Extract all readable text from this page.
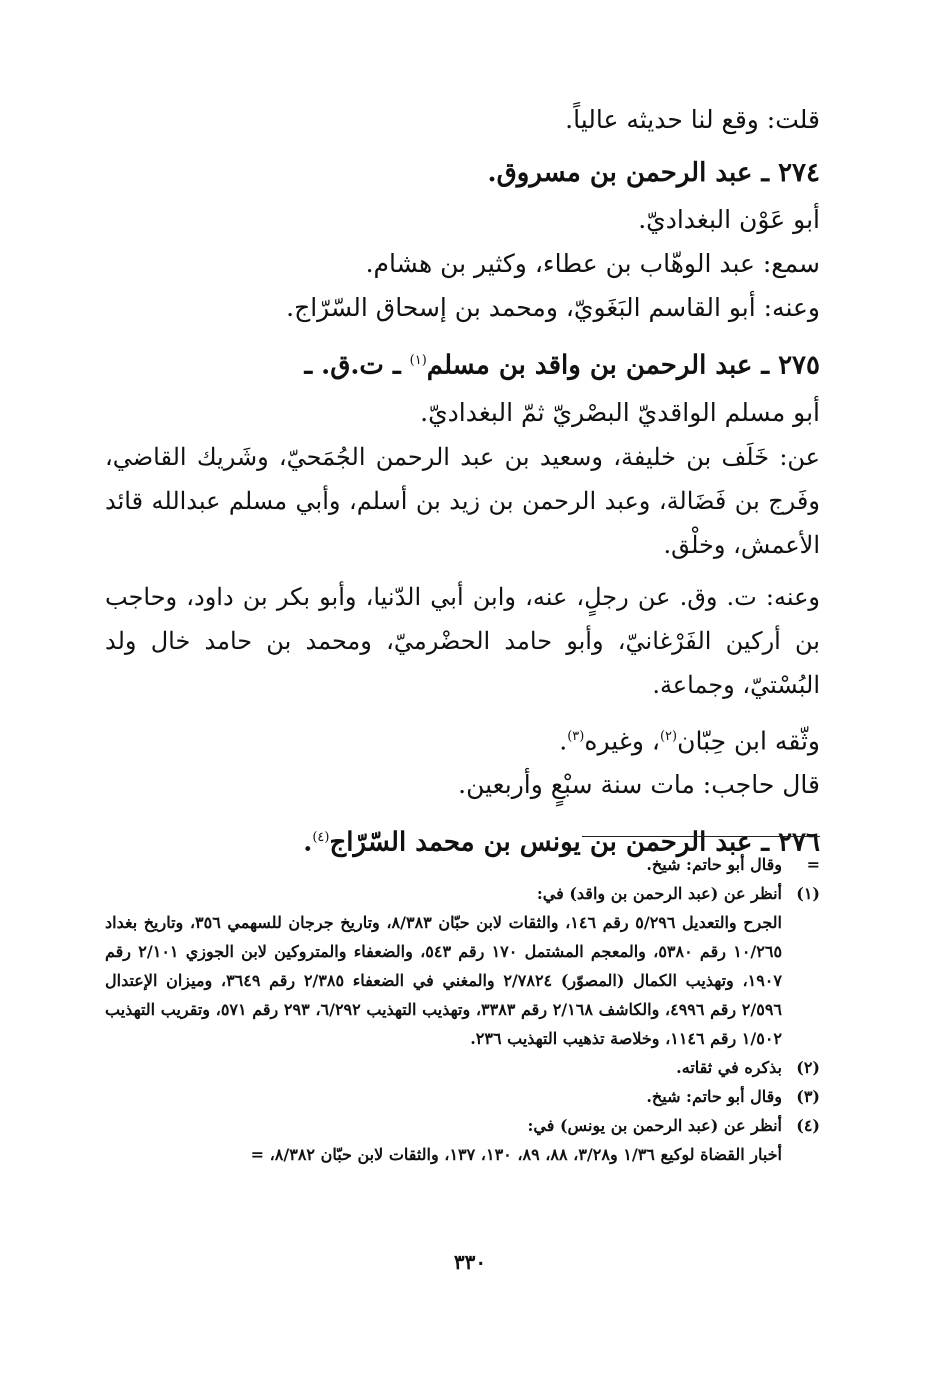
قلت: وقع لنا حديثه عالياً.
٢٧٤ ـ عبد الرحمن بن مسروق.
أبو عَوْن البغداديّ.
سمع: عبد الوهّاب بن عطاء، وكثير بن هشام.
وعنه: أبو القاسم البَغَويّ، ومحمد بن إسحاق السّرّاج.
٢٧٥ ـ عبد الرحمن بن واقد بن مسلم$^{(١)}$ ـ ت.ق. ـ
أبو مسلم الواقديّ البصْريّ ثمّ البغداديّ.
عن: خَلَف بن خليفة، وسعيد بن عبد الرحمن الجُمَحيّ، وشَريك القاضي، وفَرج بن فَضَالة، وعبد الرحمن بن زيد بن أسلم، وأبي مسلم عبدالله قائد الأعمش، وخلْق.
وعنه: ت. وق. عن رجلٍ، عنه، وابن أبي الدّنيا، وأبو بكر بن داود، وحاجب بن أركين الفَرْغانيّ، وأبو حامد الحضْرميّ، ومحمد بن حامد خال ولد البُسْتيّ، وجماعة.
وثّقه ابن حِبّان$^{(٢)}$، وغيره$^{(٣)}$.
قال حاجب: مات سنة سبْعٍ وأربعين.
٢٧٦ ـ عبد الرحمن بن يونس بن محمد السّرّاج$^{(٤)}$.
=
وقال أبو حاتم: شيخ.
(١)
أنظر عن (عبد الرحمن بن واقد) في:
الجرح والتعديل ٥/٢٩٦ رقم ١٤٦، والثقات لابن حبّان ٨/٣٨٣، وتاريخ جرجان للسهمي ٣٥٦، وتاريخ بغداد ١٠/٢٦٥ رقم ٥٣٨٠، والمعجم المشتمل ١٧٠ رقم ٥٤٣، والضعفاء والمتروكين لابن الجوزي ٢/١٠١ رقم ١٩٠٧، وتهذيب الكمال (المصوّر) ٢/٧٨٢٤ والمغني في الضعفاء ٢/٣٨٥ رقم ٣٦٤٩، وميزان الإعتدال ٢/٥٩٦ رقم ٤٩٩٦، والكاشف ٢/١٦٨ رقم ٣٣٨٣، وتهذيب التهذيب ٦/٢٩٢، ٢٩٣ رقم ٥٧١، وتقريب التهذيب ١/٥٠٢ رقم ١١٤٦، وخلاصة تذهيب التهذيب ٢٣٦.
(٢)
بذكره في ثقاته.
(٣)
وقال أبو حاتم: شيخ.
(٤)
أنظر عن (عبد الرحمن بن يونس) في:
أخبار القضاة لوكيع ١/٣٦ و٣/٢٨، ٨٨، ٨٩، ١٣٠، ١٣٧، والثقات لابن حبّان ٨/٣٨٢، =
٣٣٠
